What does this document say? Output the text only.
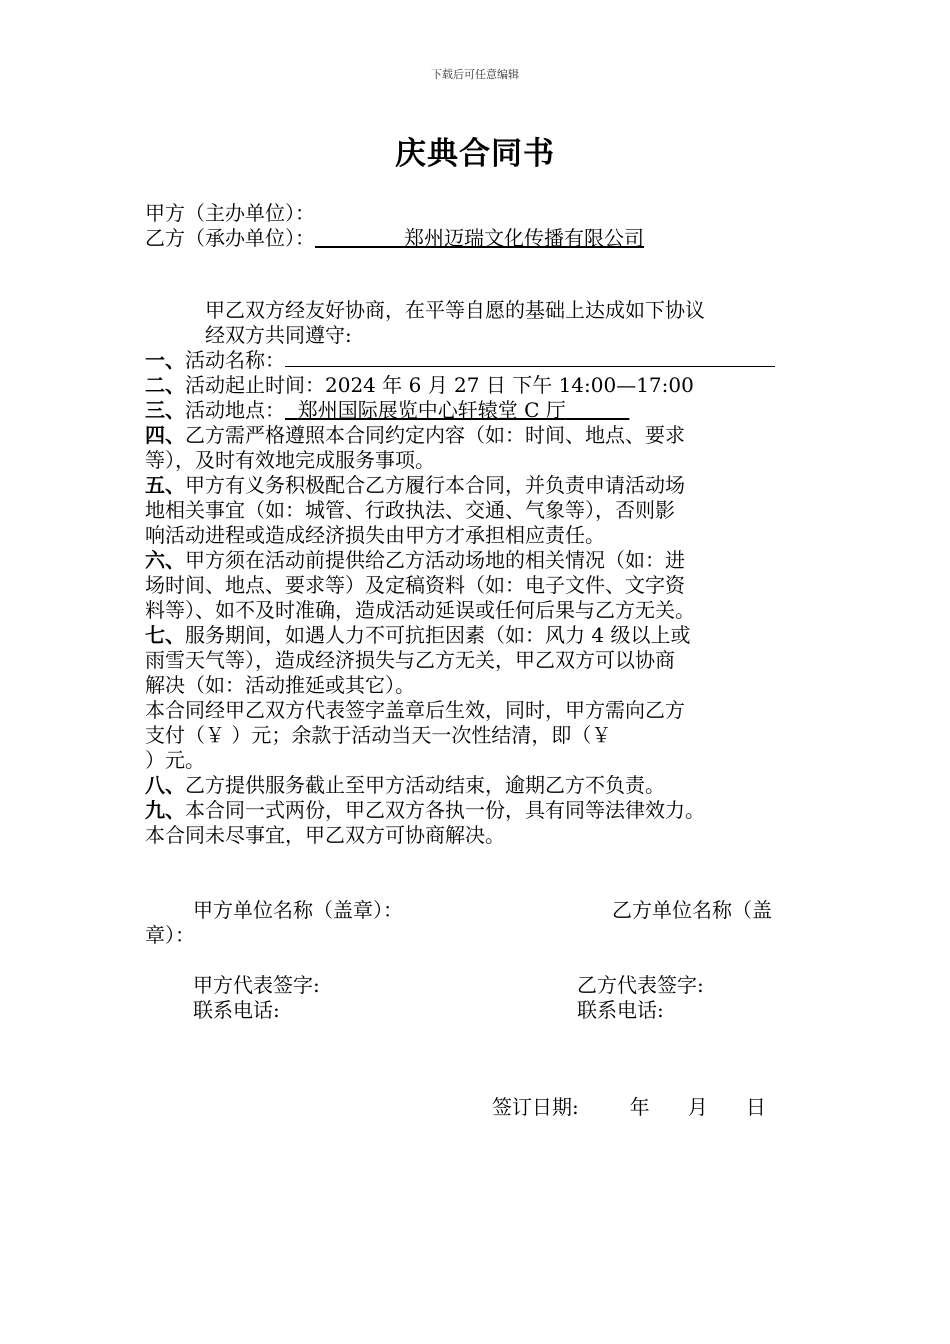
下载后可任意编辑
庆典合同书
甲方（主办单位）：
乙方（承办单位）：	郑州迈瑞文化传播有限公司
甲乙双方经友好协商，在平等自愿的基础上达成如下协议
经双方共同遵守:
一、活动名称：
二、活动起止时间：2024 年 6 月 27 日 下午 14:00—17:00
三、活动地点： 郑州国际展览中心轩辕堂 C 厅
四、乙方需严格遵照本合同约定内容（如：时间、地点、要求
等），及时有效地完成服务事项。
五、甲方有义务积极配合乙方履行本合同，并负责申请活动场
地相关事宜（如：城管、行政执法、交通、气象等），否则影
响活动进程或造成经济损失由甲方才承担相应责任。
六、甲方须在活动前提供给乙方活动场地的相关情况（如：进
场时间、地点、要求等）及定稿资料（如：电子文件、文字资
料等）、如不及时准确，造成活动延误或任何后果与乙方无关。
七、服务期间，如遇人力不可抗拒因素（如：风力 4 级以上或
雨雪天气等），造成经济损失与乙方无关，甲乙双方可以协商
解决（如：活动推延或其它）。
本合同经甲乙双方代表签字盖章后生效，同时，甲方需向乙方
支付（￥ ）元；余款于活动当天一次性结清，即（￥
）元。
八、乙方提供服务截止至甲方活动结束，逾期乙方不负责。
九、本合同一式两份，甲乙双方各执一份，具有同等法律效力。
本合同未尽事宜，甲乙双方可协商解决。
甲方单位名称（盖章）：	乙方单位名称（盖
章）：
甲方代表签字:	乙方代表签字:
联系电话:	联系电话:
签订日期:        年      月      日
